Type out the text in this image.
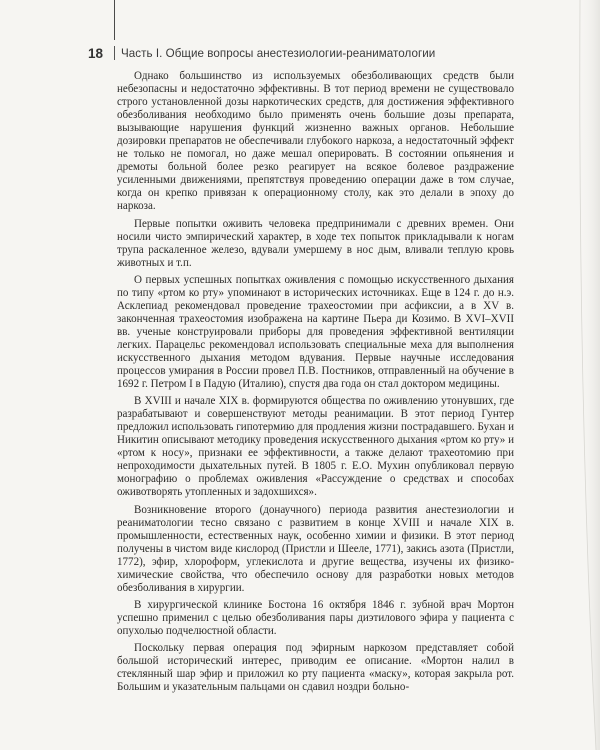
18	Часть I. Общие вопросы анестезиологии-реаниматологии

Однако большинство из используемых обезболивающих средств были небезопасны и недостаточно эффективны. В тот период времени не существовало строго установленной дозы наркотических средств, для достижения эффективного обезболивания необходимо было применять очень большие дозы препарата, вызывающие нарушения функций жизненно важных органов. Небольшие дозировки препаратов не обеспечивали глубокого наркоза, а недостаточный эффект не только не помогал, но даже мешал оперировать. В состоянии опьянения и дремоты больной более резко реагирует на всякое болевое раздражение усиленными движениями, препятствуя проведению операции даже в том случае, когда он крепко привязан к операционному столу, как это делали в эпоху до наркоза.

Первые попытки оживить человека предпринимали с древних времен. Они носили чисто эмпирический характер, в ходе тех попыток прикладывали к ногам трупа раскаленное железо, вдували умершему в нос дым, вливали теплую кровь животных и т.п.

О первых успешных попытках оживления с помощью искусственного дыхания по типу «ртом ко рту» упоминают в исторических источниках. Еще в 124 г. до н.э. Асклепиад рекомендовал проведение трахеостомии при асфиксии, а в XV в. законченная трахеостомия изображена на картине Пьера ди Козимо. В XVI–XVII вв. ученые конструировали приборы для проведения эффективной вентиляции легких. Парацельс рекомендовал использовать специальные меха для выполнения искусственного дыхания методом вдувания. Первые научные исследования процессов умирания в России провел П.В. Постников, отправленный на обучение в 1692 г. Петром I в Падую (Италию), спустя два года он стал доктором медицины.

В XVIII и начале XIX в. формируются общества по оживлению утонувших, где разрабатывают и совершенствуют методы реанимации. В этот период Гунтер предложил использовать гипотермию для продления жизни пострадавшего. Бухан и Никитин описывают методику проведения искусственного дыхания «ртом ко рту» и «ртом к носу», признаки ее эффективности, а также делают трахеотомию при непроходимости дыхательных путей. В 1805 г. Е.О. Мухин опубликовал первую монографию о проблемах оживления «Рассуждение о средствах и способах оживотворять утопленных и задохшихся».

Возникновение второго (донаучного) периода развития анестезиологии и реаниматологии тесно связано с развитием в конце XVIII и начале XIX в. промышленности, естественных наук, особенно химии и физики. В этот период получены в чистом виде кислород (Пристли и Шееле, 1771), закись азота (Пристли, 1772), эфир, хлороформ, углекислота и другие вещества, изучены их физико-химические свойства, что обеспечило основу для разработки новых методов обезболивания в хирургии.

В хирургической клинике Бостона 16 октября 1846 г. зубной врач Мортон успешно применил с целью обезболивания пары диэтилового эфира у пациента с опухолью подчелюстной области.

Поскольку первая операция под эфирным наркозом представляет собой большой исторический интерес, приводим ее описание. «Мортон налил в стеклянный шар эфир и приложил ко рту пациента «маску», которая закрыла рот. Большим и указательным пальцами он сдавил ноздри больно-
